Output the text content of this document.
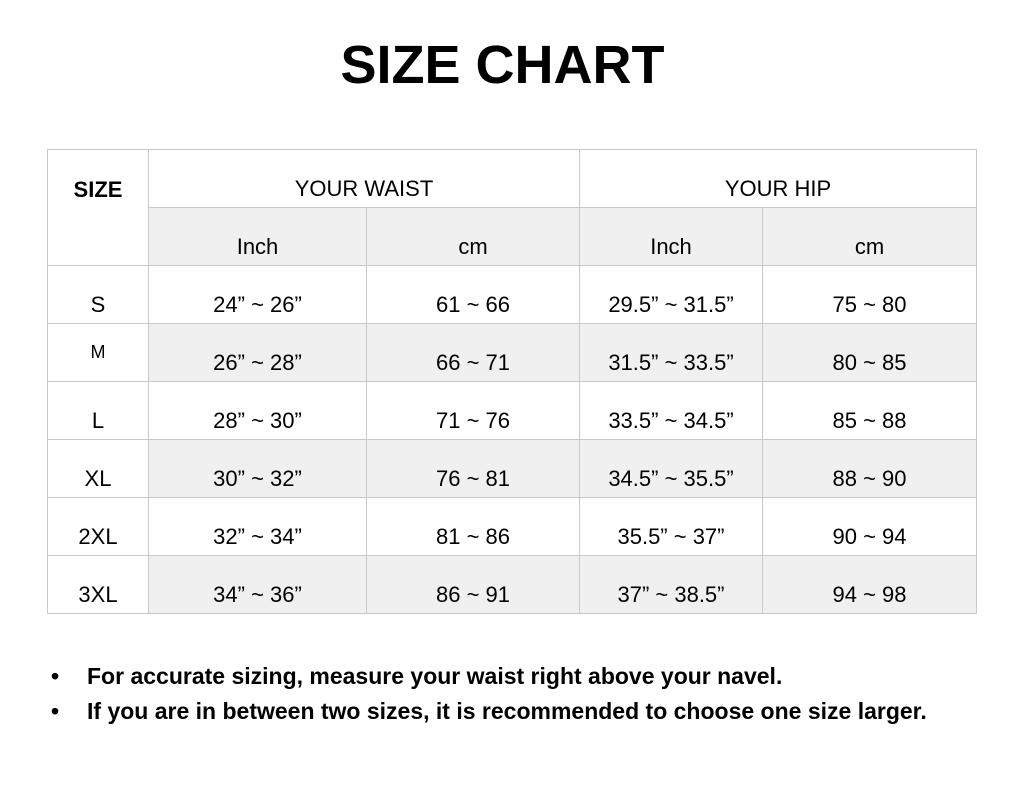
SIZE CHART
SIZE	YOUR WAIST		YOUR HIP	
	Inch	cm	Inch	cm
S	24” ~ 26”	61 ~ 66	29.5” ~ 31.5”	75 ~ 80
M	26” ~ 28”	66 ~ 71	31.5” ~ 33.5”	80 ~ 85
L	28” ~ 30”	71 ~ 76	33.5” ~ 34.5”	85 ~ 88
XL	30” ~ 32”	76 ~ 81	34.5” ~ 35.5”	88 ~ 90
2XL	32” ~ 34”	81 ~ 86	35.5” ~ 37”	90 ~ 94
3XL	34” ~ 36”	86 ~ 91	37” ~ 38.5”	94 ~ 98
• For accurate sizing, measure your waist right above your navel.
• If you are in between two sizes, it is recommended to choose one size larger.
